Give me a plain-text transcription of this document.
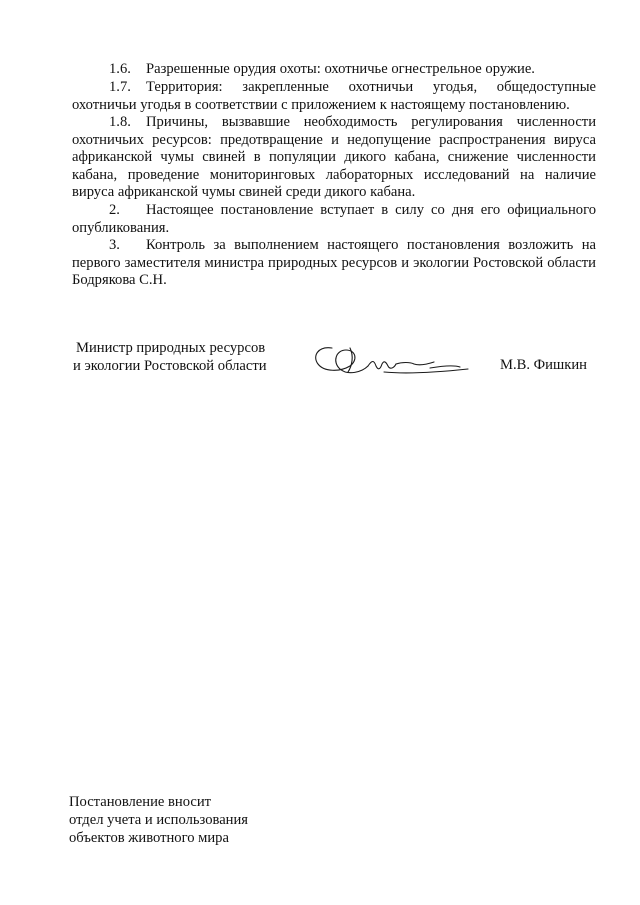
1.6. Разрешенные орудия охоты: охотничье огнестрельное оружие.

1.7. Территория: закрепленные охотничьи угодья, общедоступные охотничьи угодья в соответствии с приложением к настоящему постановлению.

1.8. Причины, вызвавшие необходимость регулирования численности охотничьих ресурсов: предотвращение и недопущение распространения вируса африканской чумы свиней в популяции дикого кабана, снижение численности кабана, проведение мониторинговых лабораторных исследований на наличие вируса африканской чумы свиней среди дикого кабана.

2. Настоящее постановление вступает в силу со дня его официального опубликования.

3. Контроль за выполнением настоящего постановления возложить на первого заместителя министра природных ресурсов и экологии Ростовской области Бодрякова С.Н.

Министр природных ресурсов
и экологии Ростовской области	М.В. Фишкин
Постановление вносит
отдел учета и использования
объектов животного мира
